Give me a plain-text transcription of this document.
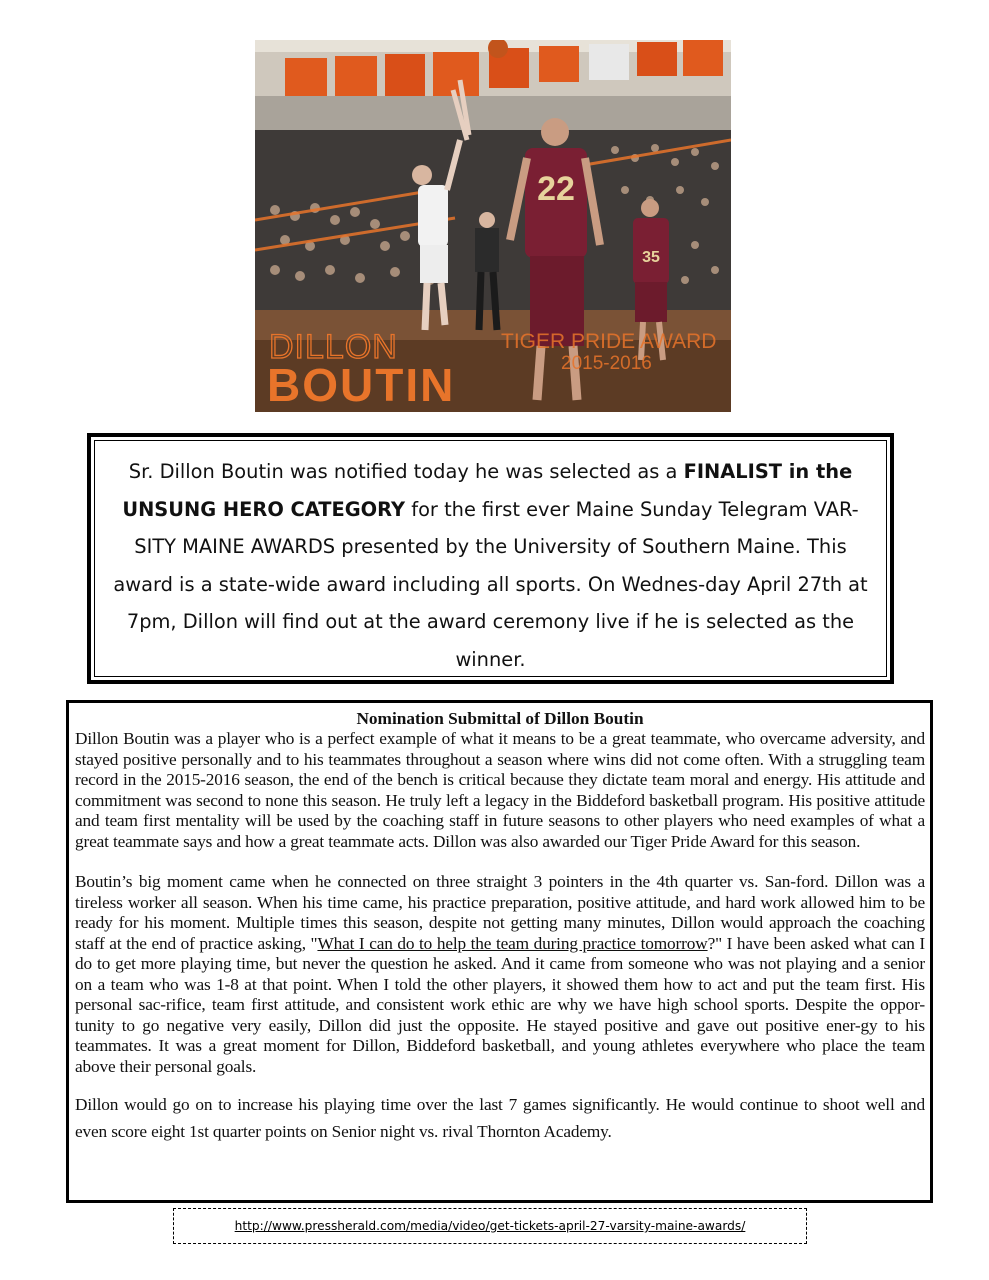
22
35
DILLON
BOUTIN
TIGER PRIDE AWARD
2015-2016

Sr. Dillon Boutin was notified today he was selected as a FINALIST in the UNSUNG HERO CATEGORY for the first ever Maine Sunday Telegram VAR-SITY MAINE AWARDS presented by the University of Southern Maine. This award is a state-wide award including all sports. On Wednes-day April 27th at 7pm, Dillon will find out at the award ceremony live if he is selected as the winner.

Nomination Submittal of Dillon Boutin

Dillon Boutin was a player who is a perfect example of what it means to be a great teammate, who overcame adversity, and stayed positive personally and to his teammates throughout a season where wins did not come often. With a struggling team record in the 2015-2016 season, the end of the bench is critical because they dictate team moral and energy. His attitude and commitment was second to none this season. He truly left a legacy in the Biddeford basketball program. His positive attitude and team first mentality will be used by the coaching staff in future seasons to other players who need examples of what a great teammate says and how a great teammate acts. Dillon was also awarded our Tiger Pride Award for this season.

Boutin’s big moment came when he connected on three straight 3 pointers in the 4th quarter vs. San-ford. Dillon was a tireless worker all season. When his time came, his practice preparation, positive attitude, and hard work allowed him to be ready for his moment. Multiple times this season, despite not getting many minutes, Dillon would approach the coaching staff at the end of practice asking, "What I can do to help the team during practice tomorrow?" I have been asked what can I do to get more playing time, but never the question he asked. And it came from someone who was not playing and a senior on a team who was 1-8 at that point. When I told the other players, it showed them how to act and put the team first. His personal sac-rifice, team first attitude, and consistent work ethic are why we have high school sports. Despite the oppor-tunity to go negative very easily, Dillon did just the opposite. He stayed positive and gave out positive ener-gy to his teammates. It was a great moment for Dillon, Biddeford basketball, and young athletes everywhere who place the team above their personal goals.

Dillon would go on to increase his playing time over the last 7 games significantly. He would continue to shoot well and even score eight 1st quarter points on Senior night vs. rival Thornton Academy.

http://www.pressherald.com/media/video/get-tickets-april-27-varsity-maine-awards/
